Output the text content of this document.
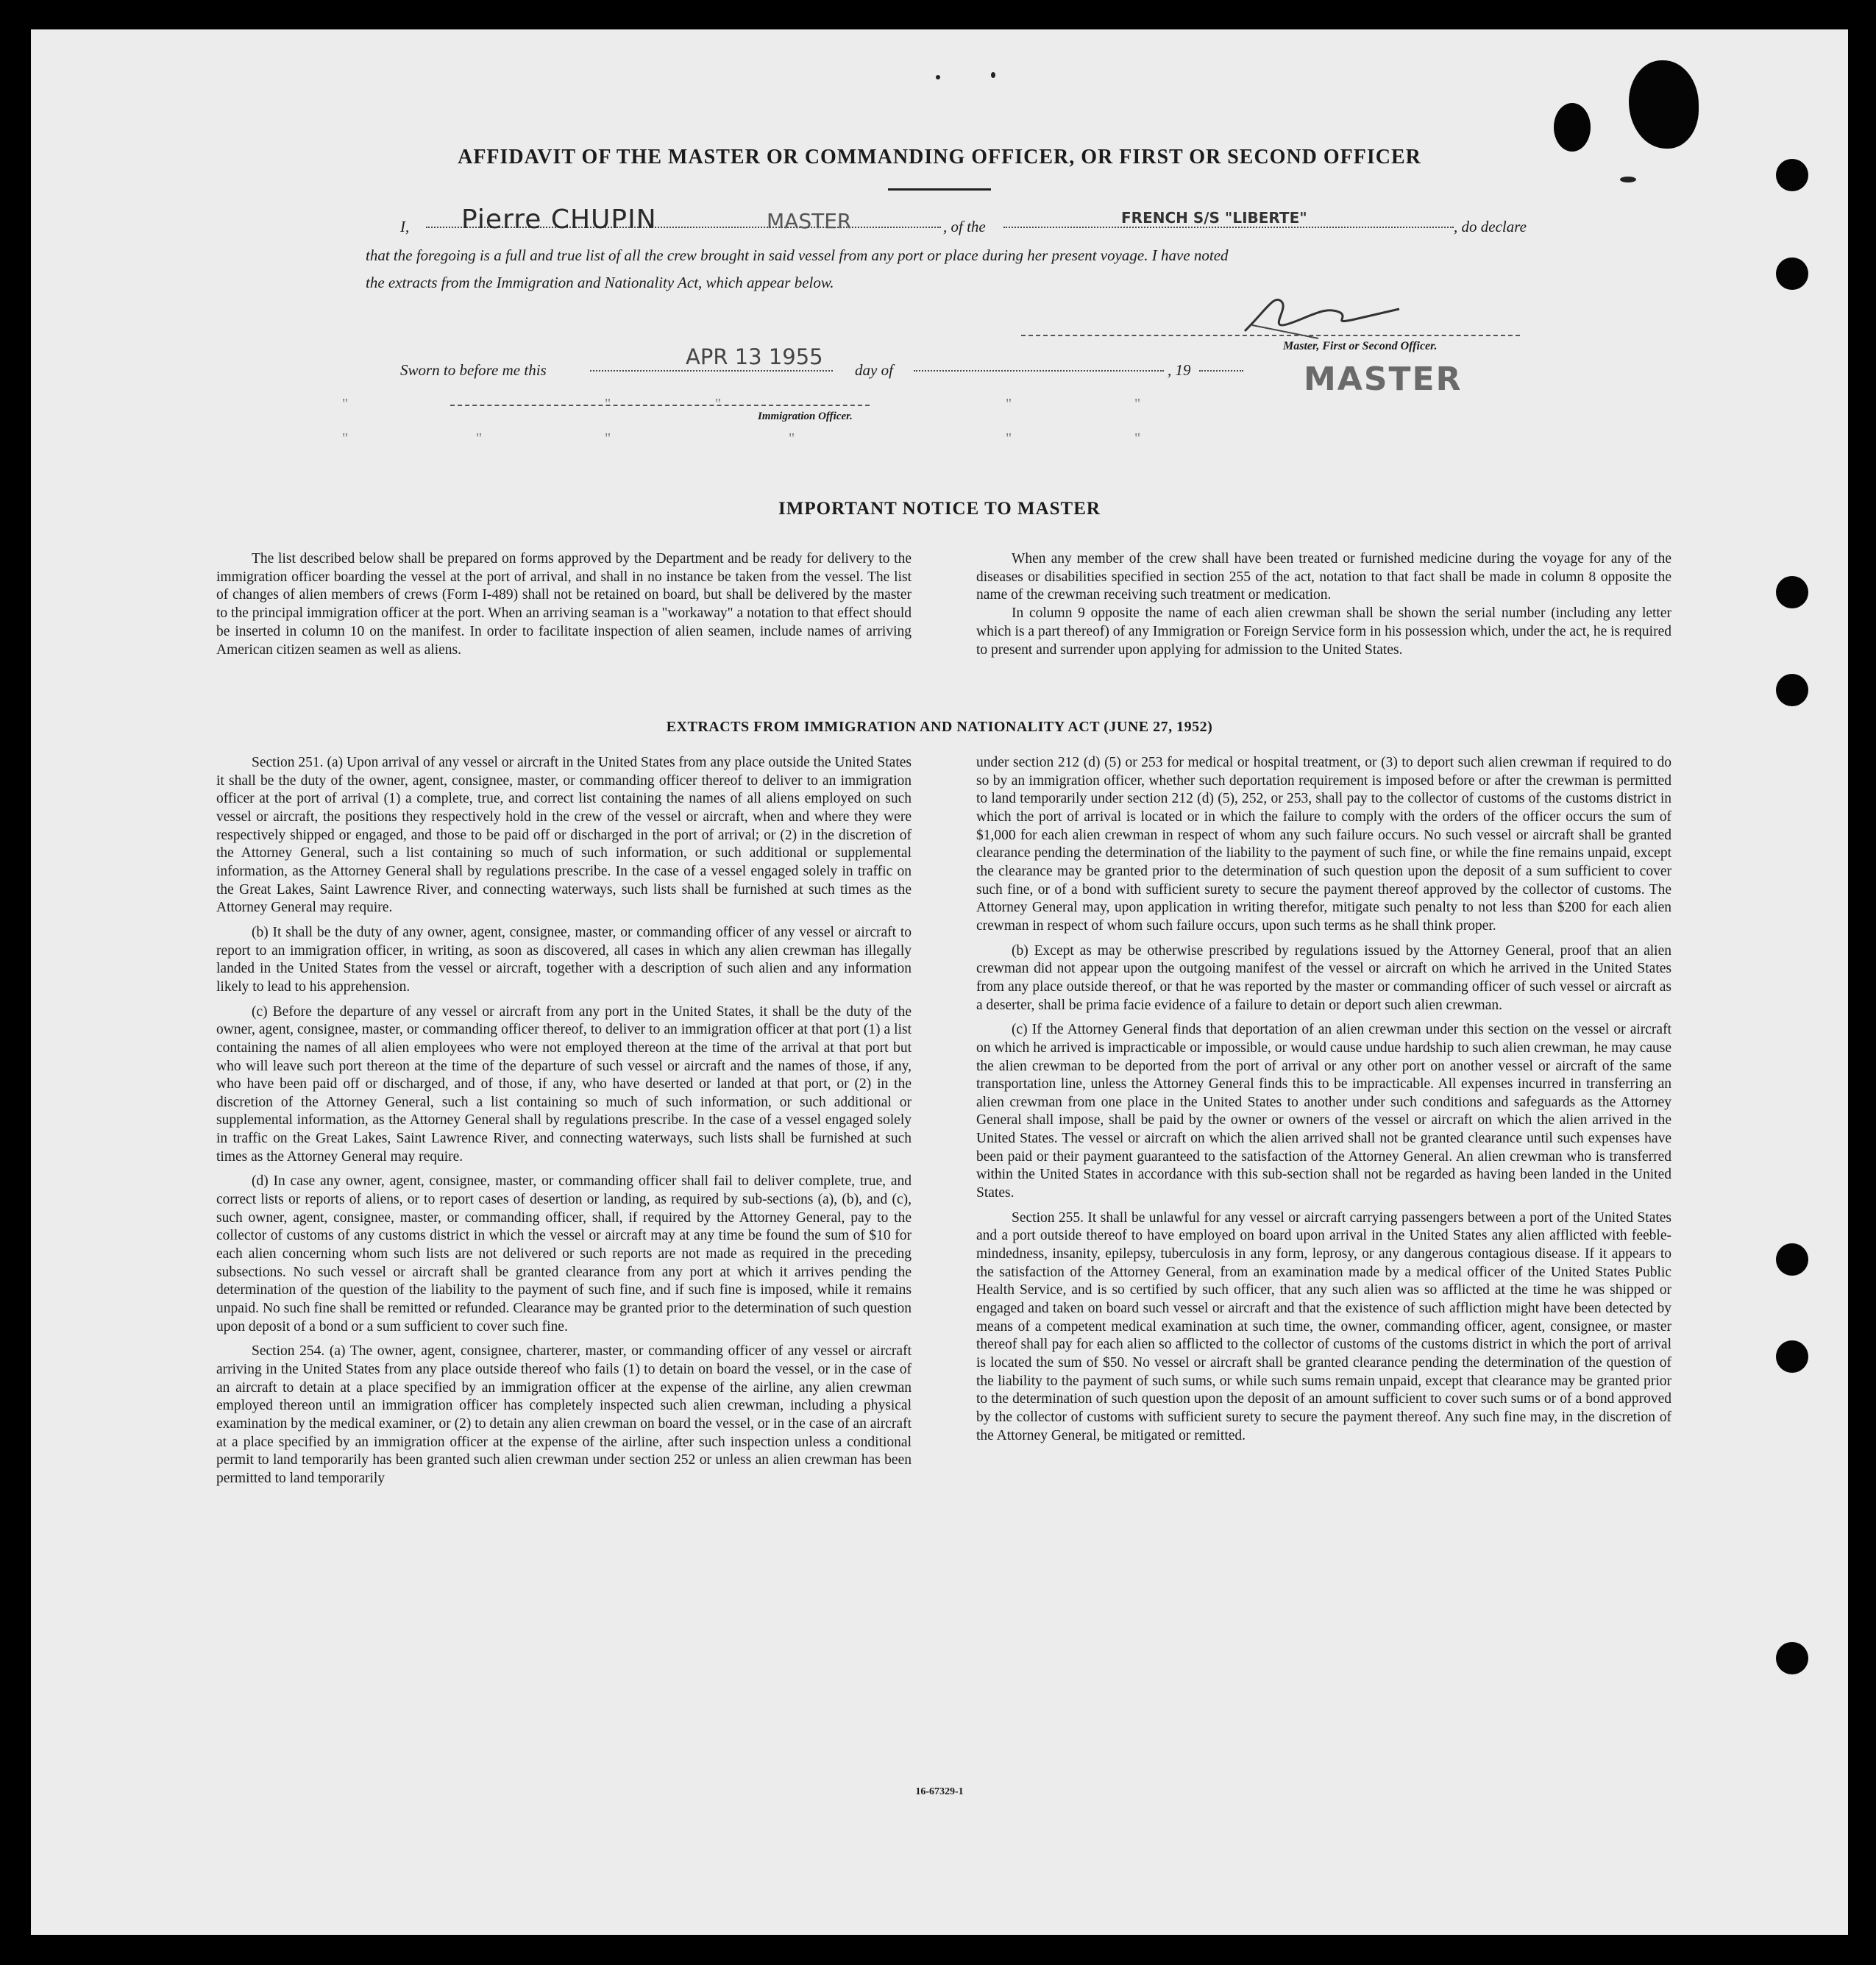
AFFIDAVIT OF THE MASTER OR COMMANDING OFFICER, OR FIRST OR SECOND OFFICER
I, Pierre CHUPIN	MASTER	, of the	FRENCH S/S "LIBERTE"	, do declare
that the foregoing is a full and true list of all the crew brought in said vessel from any port or place during her present voyage. I have noted
the extracts from the Immigration and Nationality Act, which appear below.
Master, First or Second Officer.
MASTER
Sworn to before me this
APR 13 1955
day of	, 19
Immigration Officer.
"
"	"
"
"
"
"
"
"
"
"
IMPORTANT NOTICE TO MASTER

The list described below shall be prepared on forms approved by the Department and be ready for delivery to the immigration officer boarding the vessel at the port of arrival, and shall in no instance be taken from the vessel. The list of changes of alien members of crews (Form I-489) shall not be retained on board, but shall be delivered by the master to the principal immigration officer at the port. When an arriving seaman is a "workaway" a notation to that effect should be inserted in column 10 on the manifest. In order to facilitate inspection of alien seamen, include names of arriving American citizen seamen as well as aliens.

When any member of the crew shall have been treated or furnished medicine during the voyage for any of the diseases or disabilities specified in section 255 of the act, notation to that fact shall be made in column 8 opposite the name of the crewman receiving such treatment or medication.

In column 9 opposite the name of each alien crewman shall be shown the serial number (including any letter which is a part thereof) of any Immigration or Foreign Service form in his possession which, under the act, he is required to present and surrender upon applying for admission to the United States.

EXTRACTS FROM IMMIGRATION AND NATIONALITY ACT (JUNE 27, 1952)

Section 251. (a) Upon arrival of any vessel or aircraft in the United States from any place outside the United States it shall be the duty of the owner, agent, consignee, master, or commanding officer thereof to deliver to an immigration officer at the port of arrival (1) a complete, true, and correct list containing the names of all aliens employed on such vessel or aircraft, the positions they respectively hold in the crew of the vessel or aircraft, when and where they were respectively shipped or engaged, and those to be paid off or discharged in the port of arrival; or (2) in the discretion of the Attorney General, such a list containing so much of such information, or such additional or supplemental information, as the Attorney General shall by regulations prescribe. In the case of a vessel engaged solely in traffic on the Great Lakes, Saint Lawrence River, and connecting waterways, such lists shall be furnished at such times as the Attorney General may require.

(b) It shall be the duty of any owner, agent, consignee, master, or commanding officer of any vessel or aircraft to report to an immigration officer, in writing, as soon as discovered, all cases in which any alien crewman has illegally landed in the United States from the vessel or aircraft, together with a description of such alien and any information likely to lead to his apprehension.

(c) Before the departure of any vessel or aircraft from any port in the United States, it shall be the duty of the owner, agent, consignee, master, or commanding officer thereof, to deliver to an immigration officer at that port (1) a list containing the names of all alien employees who were not employed thereon at the time of the arrival at that port but who will leave such port thereon at the time of the departure of such vessel or aircraft and the names of those, if any, who have been paid off or discharged, and of those, if any, who have deserted or landed at that port, or (2) in the discretion of the Attorney General, such a list containing so much of such information, or such additional or supplemental information, as the Attorney General shall by regulations prescribe. In the case of a vessel engaged solely in traffic on the Great Lakes, Saint Lawrence River, and connecting waterways, such lists shall be furnished at such times as the Attorney General may require.

(d) In case any owner, agent, consignee, master, or commanding officer shall fail to deliver complete, true, and correct lists or reports of aliens, or to report cases of desertion or landing, as required by sub-sections (a), (b), and (c), such owner, agent, consignee, master, or commanding officer, shall, if required by the Attorney General, pay to the collector of customs of any customs district in which the vessel or aircraft may at any time be found the sum of $10 for each alien concerning whom such lists are not delivered or such reports are not made as required in the preceding subsections. No such vessel or aircraft shall be granted clearance from any port at which it arrives pending the determination of the question of the liability to the payment of such fine, and if such fine is imposed, while it remains unpaid. No such fine shall be remitted or refunded. Clearance may be granted prior to the determination of such question upon deposit of a bond or a sum sufficient to cover such fine.

Section 254. (a) The owner, agent, consignee, charterer, master, or commanding officer of any vessel or aircraft arriving in the United States from any place outside thereof who fails (1) to detain on board the vessel, or in the case of an aircraft to detain at a place specified by an immigration officer at the expense of the airline, any alien crewman employed thereon until an immigration officer has completely inspected such alien crewman, including a physical examination by the medical examiner, or (2) to detain any alien crewman on board the vessel, or in the case of an aircraft at a place specified by an immigration officer at the expense of the airline, after such inspection unless a conditional permit to land temporarily has been granted such alien crewman under section 252 or unless an alien crewman has been permitted to land temporarily

under section 212 (d) (5) or 253 for medical or hospital treatment, or (3) to deport such alien crewman if required to do so by an immigration officer, whether such deportation requirement is imposed before or after the crewman is permitted to land temporarily under section 212 (d) (5), 252, or 253, shall pay to the collector of customs of the customs district in which the port of arrival is located or in which the failure to comply with the orders of the officer occurs the sum of $1,000 for each alien crewman in respect of whom any such failure occurs. No such vessel or aircraft shall be granted clearance pending the determination of the liability to the payment of such fine, or while the fine remains unpaid, except the clearance may be granted prior to the determination of such question upon the deposit of a sum sufficient to cover such fine, or of a bond with sufficient surety to secure the payment thereof approved by the collector of customs. The Attorney General may, upon application in writing therefor, mitigate such penalty to not less than $200 for each alien crewman in respect of whom such failure occurs, upon such terms as he shall think proper.

(b) Except as may be otherwise prescribed by regulations issued by the Attorney General, proof that an alien crewman did not appear upon the outgoing manifest of the vessel or aircraft on which he arrived in the United States from any place outside thereof, or that he was reported by the master or commanding officer of such vessel or aircraft as a deserter, shall be prima facie evidence of a failure to detain or deport such alien crewman.

(c) If the Attorney General finds that deportation of an alien crewman under this section on the vessel or aircraft on which he arrived is impracticable or impossible, or would cause undue hardship to such alien crewman, he may cause the alien crewman to be deported from the port of arrival or any other port on another vessel or aircraft of the same transportation line, unless the Attorney General finds this to be impracticable. All expenses incurred in transferring an alien crewman from one place in the United States to another under such conditions and safeguards as the Attorney General shall impose, shall be paid by the owner or owners of the vessel or aircraft on which the alien arrived in the United States. The vessel or aircraft on which the alien arrived shall not be granted clearance until such expenses have been paid or their payment guaranteed to the satisfaction of the Attorney General. An alien crewman who is transferred within the United States in accordance with this sub-section shall not be regarded as having been landed in the United States.

Section 255. It shall be unlawful for any vessel or aircraft carrying passengers between a port of the United States and a port outside thereof to have employed on board upon arrival in the United States any alien afflicted with feeble-mindedness, insanity, epilepsy, tuberculosis in any form, leprosy, or any dangerous contagious disease. If it appears to the satisfaction of the Attorney General, from an examination made by a medical officer of the United States Public Health Service, and is so certified by such officer, that any such alien was so afflicted at the time he was shipped or engaged and taken on board such vessel or aircraft and that the existence of such affliction might have been detected by means of a competent medical examination at such time, the owner, commanding officer, agent, consignee, or master thereof shall pay for each alien so afflicted to the collector of customs of the customs district in which the port of arrival is located the sum of $50. No vessel or aircraft shall be granted clearance pending the determination of the question of the liability to the payment of such sums, or while such sums remain unpaid, except that clearance may be granted prior to the determination of such question upon the deposit of an amount sufficient to cover such sums or of a bond approved by the collector of customs with sufficient surety to secure the payment thereof. Any such fine may, in the discretion of the Attorney General, be mitigated or remitted.

16-67329-1
